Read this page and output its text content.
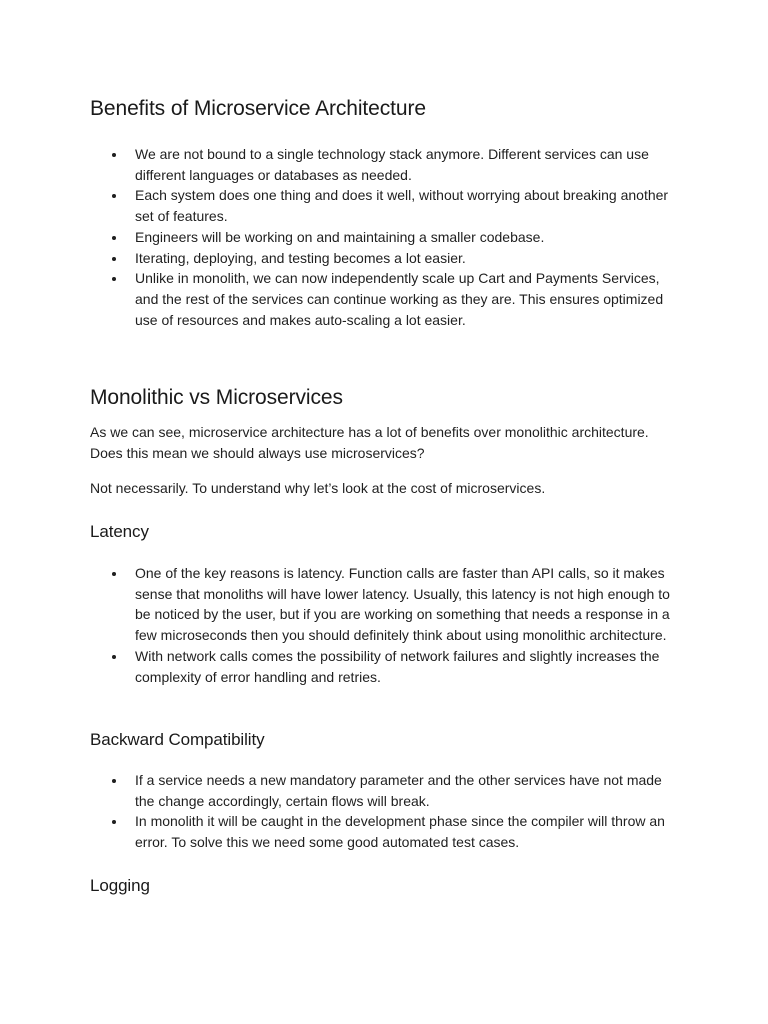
Benefits of Microservice Architecture
We are not bound to a single technology stack anymore. Different services can use different languages or databases as needed.
Each system does one thing and does it well, without worrying about breaking another set of features.
Engineers will be working on and maintaining a smaller codebase.
Iterating, deploying, and testing becomes a lot easier.
Unlike in monolith, we can now independently scale up Cart and Payments Services, and the rest of the services can continue working as they are. This ensures optimized use of resources and makes auto-scaling a lot easier.
Monolithic vs Microservices

As we can see, microservice architecture has a lot of benefits over monolithic architecture. Does this mean we should always use microservices?

Not necessarily. To understand why let’s look at the cost of microservices.

Latency
One of the key reasons is latency. Function calls are faster than API calls, so it makes sense that monoliths will have lower latency. Usually, this latency is not high enough to be noticed by the user, but if you are working on something that needs a response in a few microseconds then you should definitely think about using monolithic architecture.
With network calls comes the possibility of network failures and slightly increases the complexity of error handling and retries.
Backward Compatibility
If a service needs a new mandatory parameter and the other services have not made the change accordingly, certain flows will break.
In monolith it will be caught in the development phase since the compiler will throw an error. To solve this we need some good automated test cases.
Logging
